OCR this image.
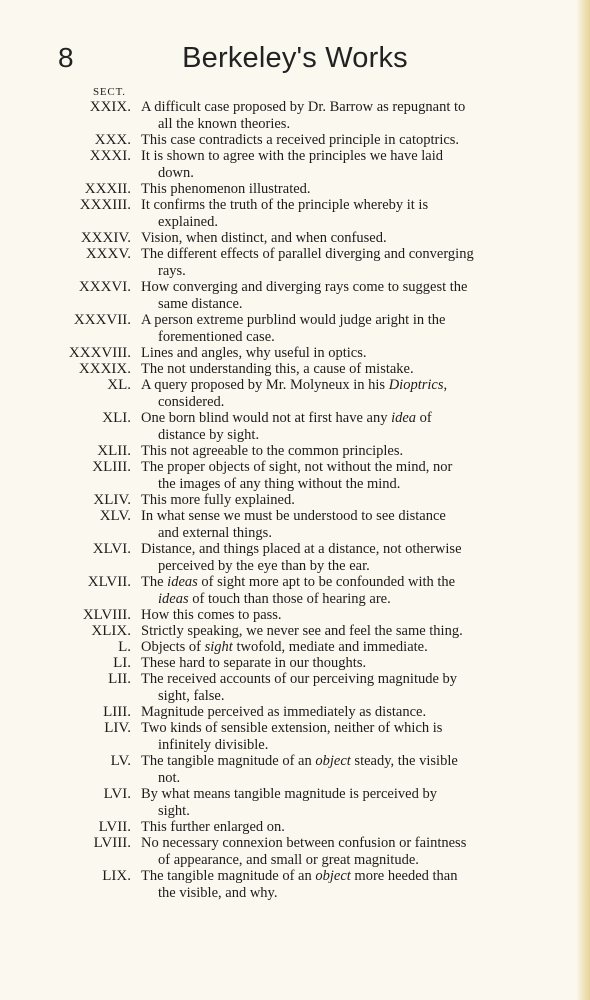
8	Berkeley's Works
SECT.
XXIX. A difficult case proposed by Dr. Barrow as repugnant to
all the known theories.
XXX. This case contradicts a received principle in catoptrics.
XXXI. It is shown to agree with the principles we have laid
down.
XXXII. This phenomenon illustrated.
XXXIII. It confirms the truth of the principle whereby it is
explained.
XXXIV. Vision, when distinct, and when confused.
XXXV. The different effects of parallel diverging and converging
rays.
XXXVI. How converging and diverging rays come to suggest the
same distance.
XXXVII. A person extreme purblind would judge aright in the
forementioned case.
XXXVIII. Lines and angles, why useful in optics.
XXXIX. The not understanding this, a cause of mistake.
XL. A query proposed by Mr. Molyneux in his Dioptrics,
considered.
XLI. One born blind would not at first have any idea of
distance by sight.
XLII. This not agreeable to the common principles.
XLIII. The proper objects of sight, not without the mind, nor
the images of any thing without the mind.
XLIV. This more fully explained.
XLV. In what sense we must be understood to see distance
and external things.
XLVI. Distance, and things placed at a distance, not otherwise
perceived by the eye than by the ear.
XLVII. The ideas of sight more apt to be confounded with the
ideas of touch than those of hearing are.
XLVIII. How this comes to pass.
XLIX. Strictly speaking, we never see and feel the same thing.
L. Objects of sight twofold, mediate and immediate.
LI. These hard to separate in our thoughts.
LII. The received accounts of our perceiving magnitude by
sight, false.
LIII. Magnitude perceived as immediately as distance.
LIV. Two kinds of sensible extension, neither of which is
infinitely divisible.
LV. The tangible magnitude of an object steady, the visible
not.
LVI. By what means tangible magnitude is perceived by
sight.
LVII. This further enlarged on.
LVIII. No necessary connexion between confusion or faintness
of appearance, and small or great magnitude.
LIX. The tangible magnitude of an object more heeded than
the visible, and why.
